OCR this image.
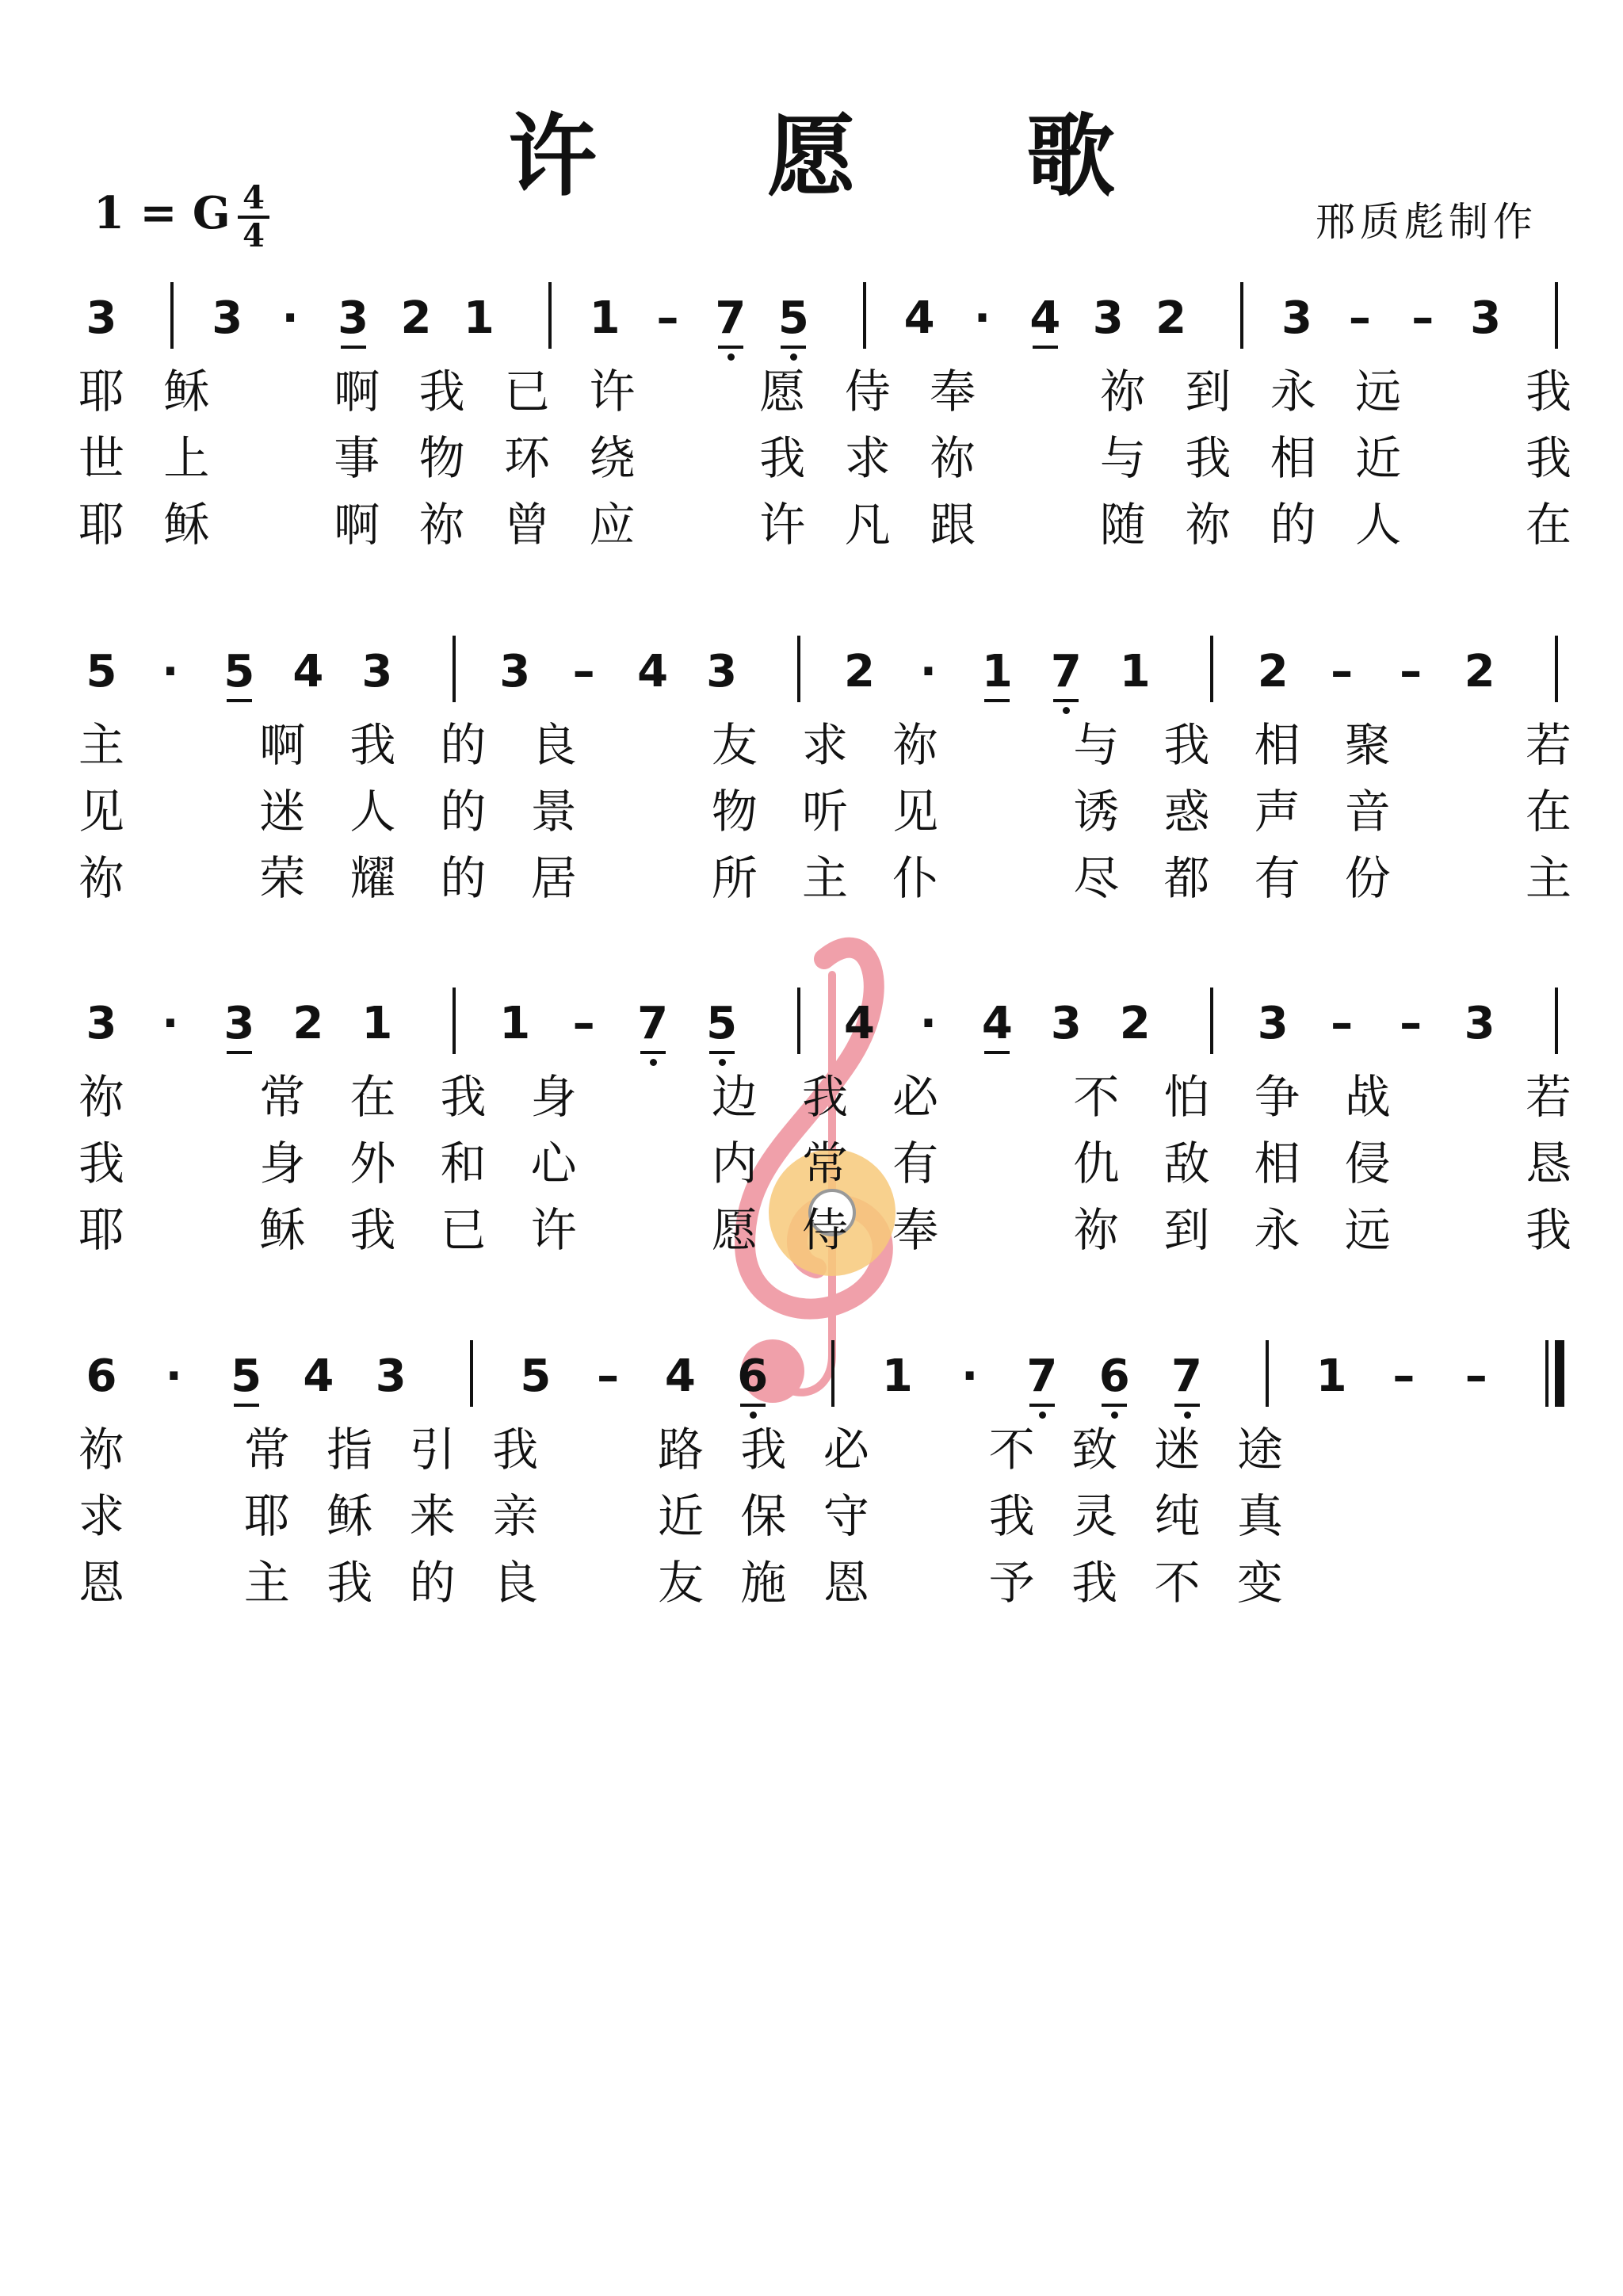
许 愿 歌
1 = G 4
4	邢质彪制作
3 3 · 3 2 1 1 – 7 5 4 · 4 3 2 3 – – 3
耶 稣	啊 我 已 许	愿 侍 奉	祢 到 永 远	我
世 上	事 物 环 绕	我 求 祢	与 我 相 近	我
耶 稣	啊 祢 曾 应	许 凡 跟	随 祢 的 人	在
5	·	5 4 3 3 – 4 3 2	·	1 7 1 2 – – 2
主	啊 我 的 良	友 求 祢	与 我 相 聚	若
见	迷 人 的 景	物 听 见	诱 惑 声 音	在
祢	荣 耀 的 居	所 主 仆	尽 都 有 份	主
3	·	3 2 1 1 – 7 5 4	·	4 3 2 3 – – 3
祢	常 在 我 身	边 我 必	不 怕 争 战	若
我	身 外 和 心	内 常 有	仇 敌 相 侵	恳
耶	稣 我 已 许	愿 侍 奉	祢 到 永 远	我
6	·	5 4 3	5 – 4 6	1	·	7 6 7	1 – –
祢	常 指 引 我	路 我 必	不 致 迷 途
求	耶 稣 来 亲	近 保 守	我 灵 纯 真
恩	主 我 的 良	友 施 恩	予 我 不 变
